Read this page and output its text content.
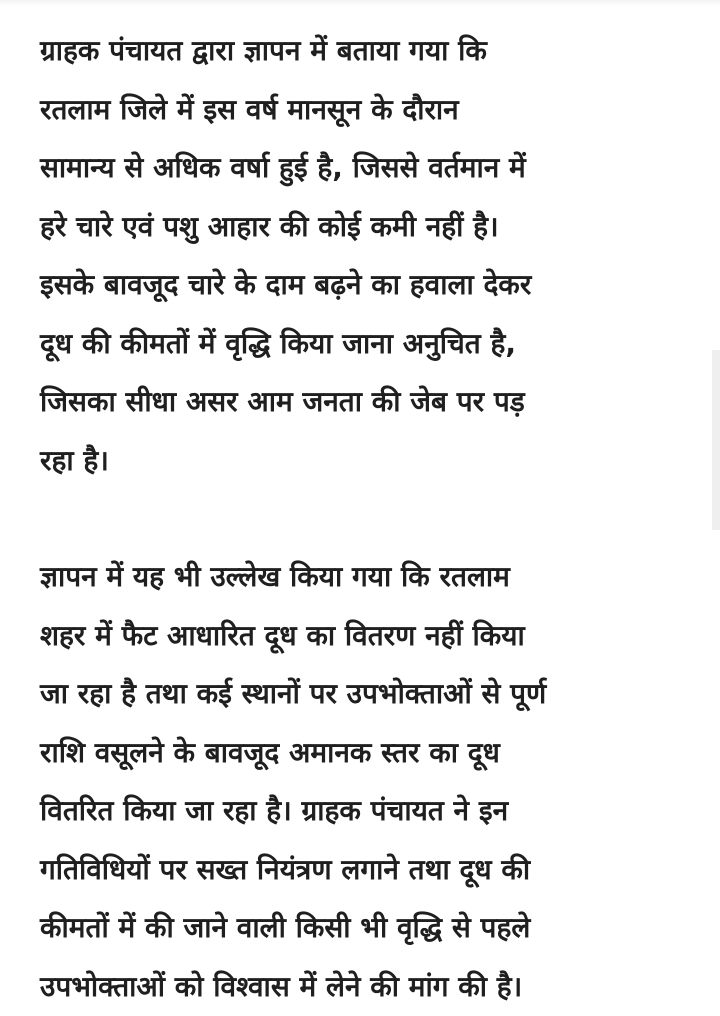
ग्राहक पंचायत द्वारा ज्ञापन में बताया गया कि
रतलाम जिले में इस वर्ष मानसून के दौरान
सामान्य से अधिक वर्षा हुई है, जिससे वर्तमान में
हरे चारे एवं पशु आहार की कोई कमी नहीं है।
इसके बावजूद चारे के दाम बढ़ने का हवाला देकर
दूध की कीमतों में वृद्धि किया जाना अनुचित है,
जिसका सीधा असर आम जनता की जेब पर पड़
रहा है।

ज्ञापन में यह भी उल्लेख किया गया कि रतलाम
शहर में फैट आधारित दूध का वितरण नहीं किया
जा रहा है तथा कई स्थानों पर उपभोक्ताओं से पूर्ण
राशि वसूलने के बावजूद अमानक स्तर का दूध
वितरित किया जा रहा है। ग्राहक पंचायत ने इन
गतिविधियों पर सख्त नियंत्रण लगाने तथा दूध की
कीमतों में की जाने वाली किसी भी वृद्धि से पहले
उपभोक्ताओं को विश्वास में लेने की मांग की है।
